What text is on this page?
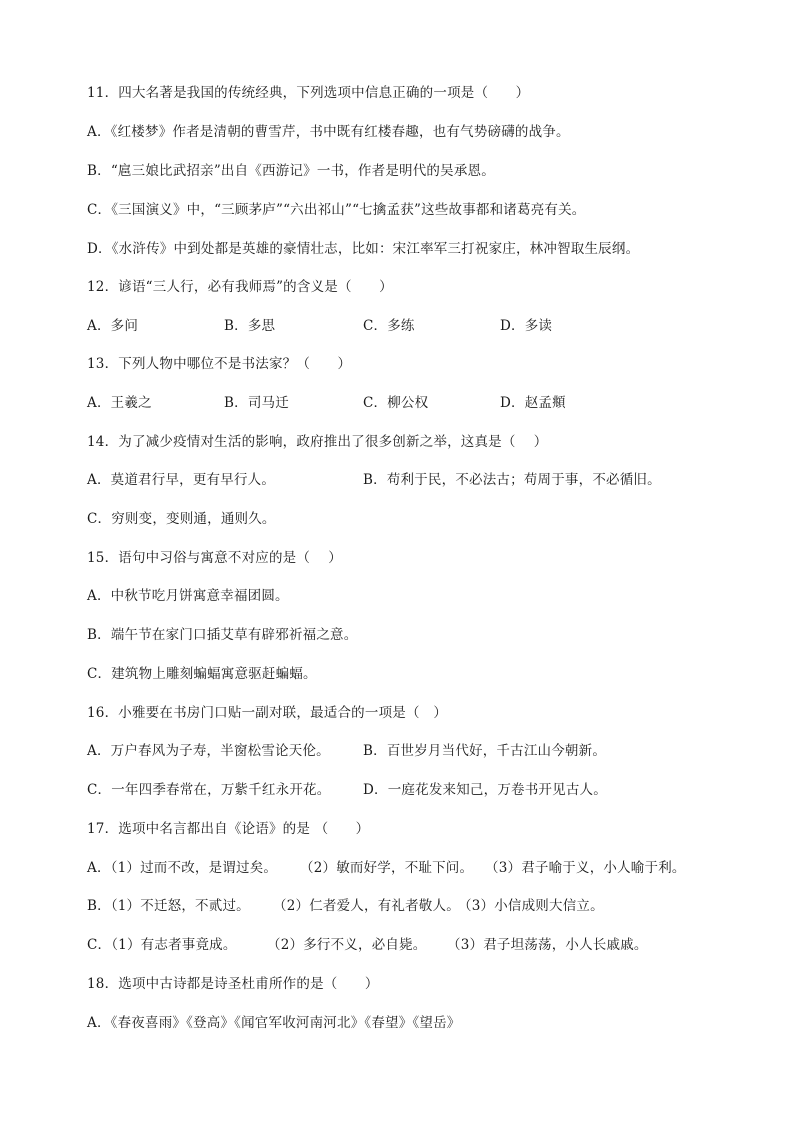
11．四大名著是我国的传统经典，下列选项中信息正确的一项是（　　）
A．《红楼梦》作者是清朝的曹雪芹，书中既有红楼春趣，也有气势磅礴的战争。
B．“扈三娘比武招亲”出自《西游记》一书，作者是明代的吴承恩。
C．《三国演义》中，“三顾茅庐”“六出祁山”“七擒孟获”这些故事都和诸葛亮有关。
D．《水浒传》中到处都是英雄的豪情壮志，比如：宋江率军三打祝家庄，林冲智取生辰纲。
12．谚语“三人行，必有我师焉”的含义是（　　）
A．多问	B．多思	C．多练	D．多读
13．下列人物中哪位不是书法家？（　　）
A．王羲之	B．司马迁	C．柳公权	D．赵孟頫
14．为了减少疫情对生活的影响，政府推出了很多创新之举，这真是（　 ）
A．莫道君行早，更有早行人。	B．苟利于民，不必法古；苟周于事，不必循旧。
C．穷则变，变则通，通则久。
15．语句中习俗与寓意不对应的是（　 ）
A．中秋节吃月饼寓意幸福团圆。
B．端午节在家门口插艾草有辟邪祈福之意。
C．建筑物上雕刻蝙蝠寓意驱赶蝙蝠。
16．小雅要在书房门口贴一副对联，最适合的一项是（　）
A．万户春风为子寿，半窗松雪论天伦。 B．百世岁月当代好，千古江山今朝新。
C．一年四季春常在，万紫千红永开花。 D．一庭花发来知己，万卷书开见古人。
17．选项中名言都出自《论语》的是 （　　）
A．（1）过而不改，是谓过矣。 （2）敏而好学，不耻下问。 （3）君子喻于义，小人喻于利。
B．（1）不迁怒，不贰过。 （2）仁者爱人，有礼者敬人。
（3）小信成则大信立。
C．（1）有志者事竟成。 （2）多行不义，必自毙。 （3）君子坦荡荡，小人长戚戚。
18．选项中古诗都是诗圣杜甫所作的是（　　）
A．《春夜喜雨》《登高》《闻官军收河南河北》《春望》《望岳》
